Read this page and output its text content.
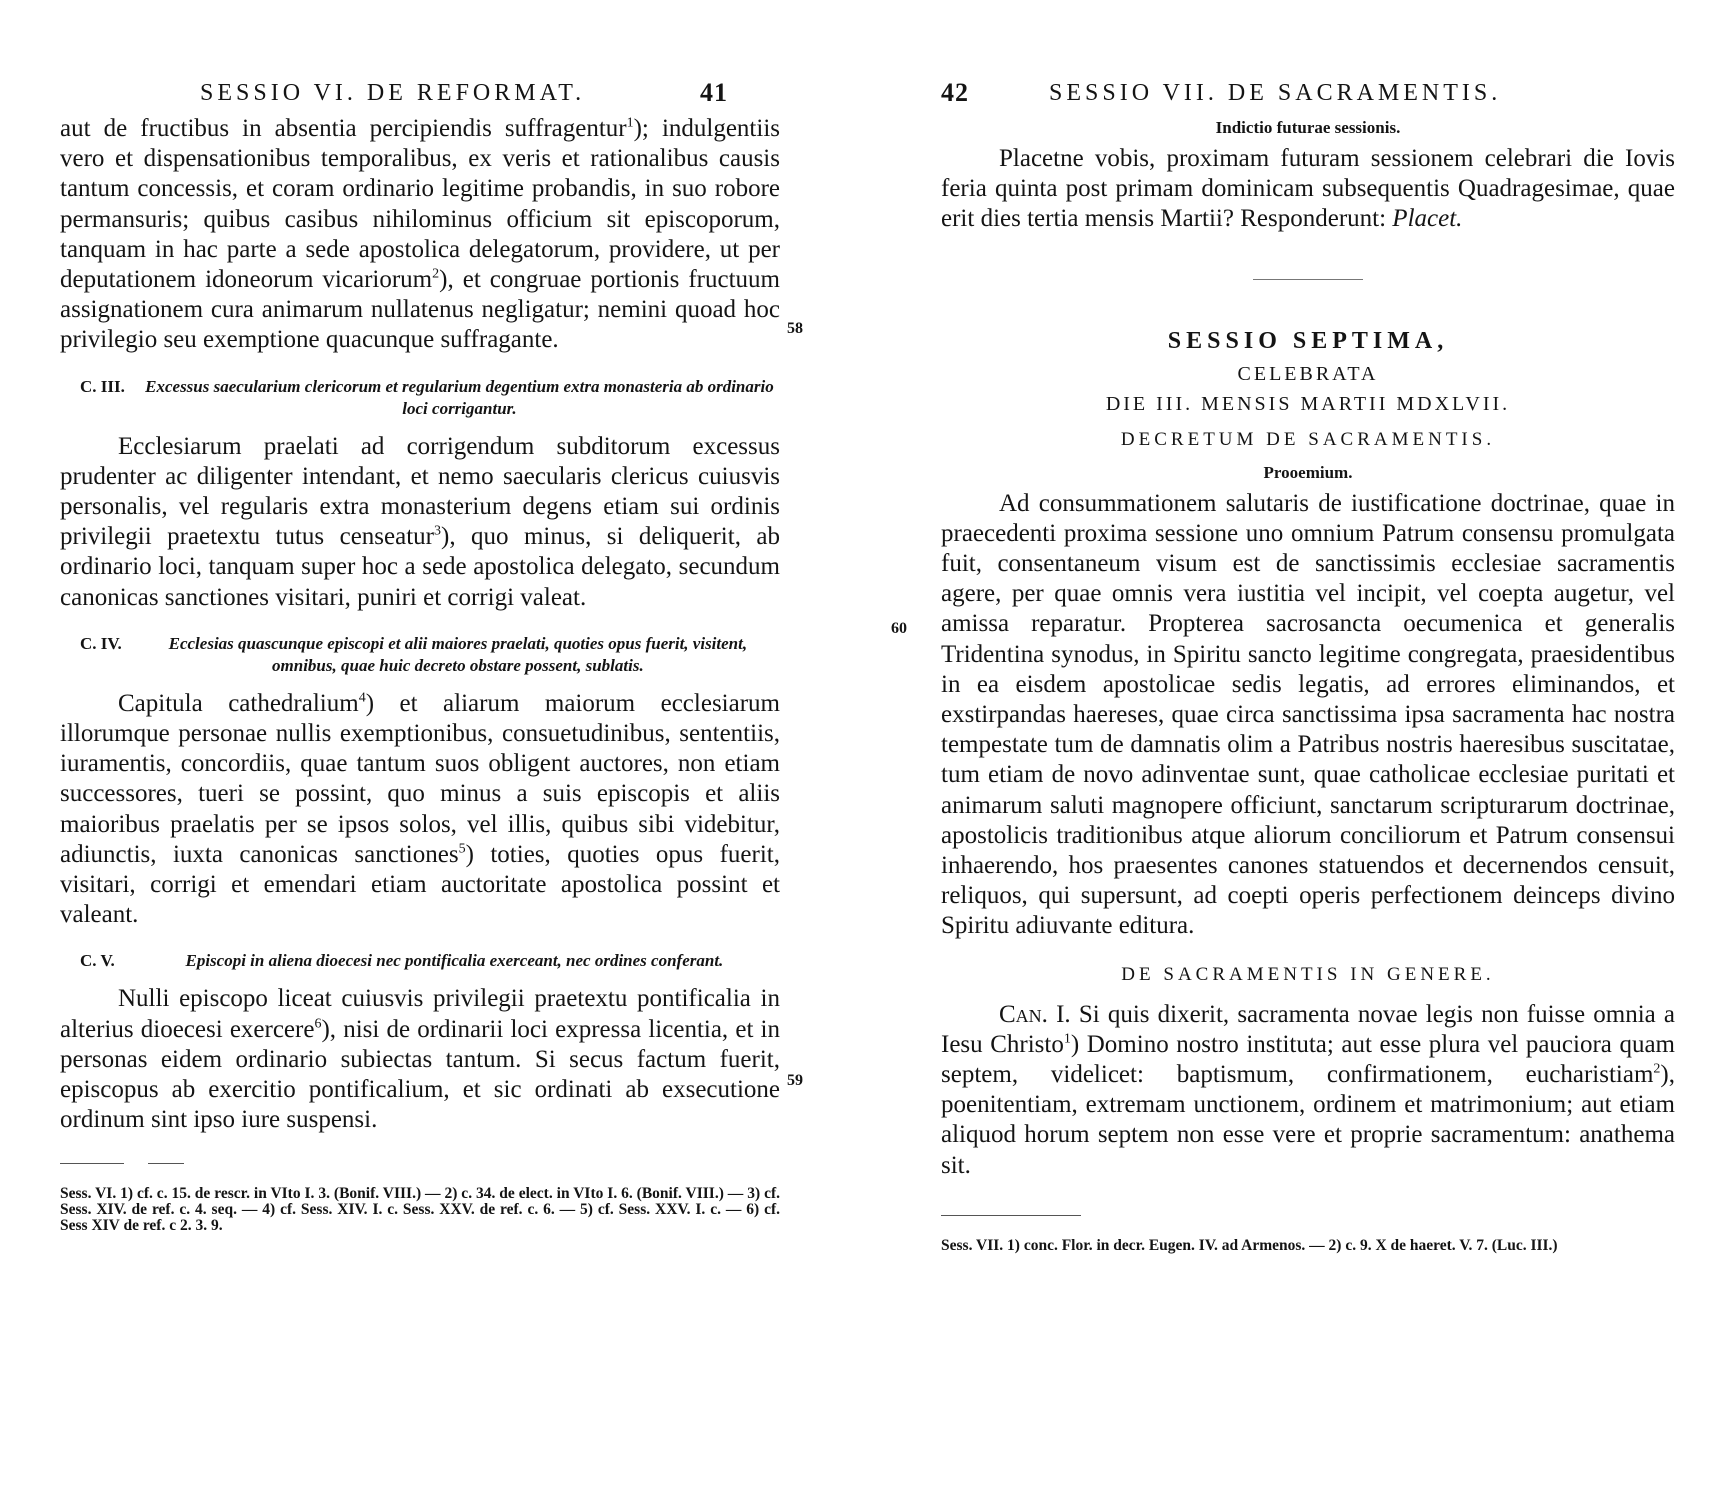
SESSIO VI. DE REFORMAT.	41

aut de fructibus in absentia percipiendis suffragentur$^1$); indulgentiis vero et dispensationibus temporalibus, ex veris et rationalibus causis tantum concessis, et coram ordinario legitime probandis, in suo robore permansuris; quibus casibus nihilominus officium sit episcoporum, tanquam in hac parte a sede apostolica delegatorum, providere, ut per deputationem idoneorum vicariorum$^2$), et congruae portionis fructuum assignationem cura animarum nullatenus negligatur; nemini quoad hoc privilegio seu exemptione quacunque suffragante.

C. III.	Excessus saecularium clericorum et regularium degentium extra monasteria ab ordinario loci corrigantur.

Ecclesiarum praelati ad corrigendum subditorum excessus prudenter ac diligenter intendant, et nemo saecularis clericus cuiusvis personalis, vel regularis extra monasterium degens etiam sui ordinis privilegii praetextu tutus censeatur$^3$), quo minus, si deliquerit, ab ordinario loci, tanquam super hoc a sede apostolica delegato, secundum canonicas sanctiones visitari, puniri et corrigi valeat.

C. IV.	Ecclesias quascunque episcopi et alii maiores praelati, quoties opus fuerit, visitent, omnibus, quae huic decreto obstare possent, sublatis.

Capitula cathedralium$^4$) et aliarum maiorum ecclesiarum illorumque personae nullis exemptionibus, consuetudinibus, sententiis, iuramentis, concordiis, quae tantum suos obligent auctores, non etiam successores, tueri se possint, quo minus a suis episcopis et aliis maioribus praelatis per se ipsos solos, vel illis, quibus sibi videbitur, adiunctis, iuxta canonicas sanctiones$^5$) toties, quoties opus fuerit, visitari, corrigi et emendari etiam auctoritate apostolica possint et valeant.

C. V.	Episcopi in aliena dioecesi nec pontificalia exerceant, nec ordines conferant.

Nulli episcopo liceat cuiusvis privilegii praetextu pontificalia in alterius dioecesi exercere$^6$), nisi de ordinarii loci expressa licentia, et in personas eidem ordinario subiectas tantum. Si secus factum fuerit, episcopus ab exercitio pontificalium, et sic ordinati ab exsecutione ordinum sint ipso iure suspensi.

Sess. VI. 1) cf. c. 15. de rescr. in VIto I. 3. (Bonif. VIII.) — 2) c. 34. de elect. in VIto I. 6. (Bonif. VIII.) — 3) cf. Sess. XIV. de ref. c. 4. seq. — 4) cf. Sess. XIV. I. c. Sess. XXV. de ref. c. 6. — 5) cf. Sess. XXV. I. c. — 6) cf. Sess XIV de ref. c 2. 3. 9.
58
59
42	SESSIO VII. DE SACRAMENTIS.
Indictio futurae sessionis.

Placetne vobis, proximam futuram sessionem celebrari die Iovis feria quinta post primam dominicam subsequentis Quadragesimae, quae erit dies tertia mensis Martii? Responderunt: Placet.

SESSIO SEPTIMA,
CELEBRATA
DIE III. MENSIS MARTII MDXLVII.
DECRETUM DE SACRAMENTIS.
Prooemium.

Ad consummationem salutaris de iustificatione doctrinae, quae in praecedenti proxima sessione uno omnium Patrum consensu promulgata fuit, consentaneum visum est de sanctissimis ecclesiae sacramentis agere, per quae omnis vera iustitia vel incipit, vel coepta augetur, vel amissa reparatur. Propterea sacrosancta oecumenica et generalis Tridentina synodus, in Spiritu sancto legitime congregata, praesidentibus in ea eisdem apostolicae sedis legatis, ad errores eliminandos, et exstirpandas haereses, quae circa sanctissima ipsa sacramenta hac nostra tempestate tum de damnatis olim a Patribus nostris haeresibus suscitatae, tum etiam de novo adinventae sunt, quae catholicae ecclesiae puritati et animarum saluti magnopere officiunt, sanctarum scripturarum doctrinae, apostolicis traditionibus atque aliorum conciliorum et Patrum consensui inhaerendo, hos praesentes canones statuendos et decernendos censuit, reliquos, qui supersunt, ad coepti operis perfectionem deinceps divino Spiritu adiuvante editura.

DE SACRAMENTIS IN GENERE.

Can. I. Si quis dixerit, sacramenta novae legis non fuisse omnia a Iesu Christo$^1$) Domino nostro instituta; aut esse plura vel pauciora quam septem, videlicet: baptismum, confirmationem, eucharistiam$^2$), poenitentiam, extremam unctionem, ordinem et matrimonium; aut etiam aliquod horum septem non esse vere et proprie sacramentum: anathema sit.

Sess. VII. 1) conc. Flor. in decr. Eugen. IV. ad Armenos. — 2) c. 9. X de haeret. V. 7. (Luc. III.)
60
